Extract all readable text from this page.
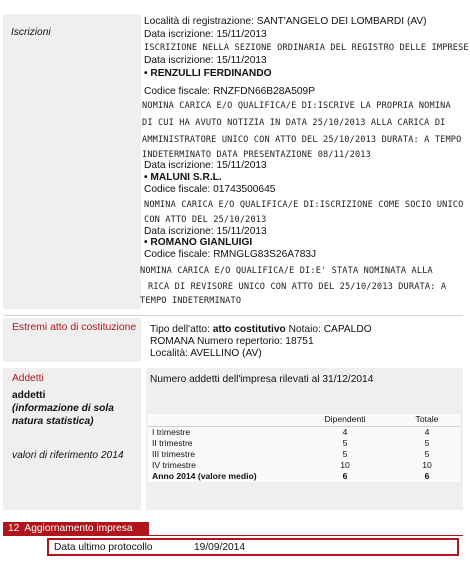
Iscrizioni
Località di registrazione: SANT'ANGELO DEI LOMBARDI (AV)
Data iscrizione: 15/11/2013
ISCRIZIONE NELLA SEZIONE ORDINARIA DEL REGISTRO DELLE IMPRESE
Data iscrizione: 15/11/2013
• RENZULLI FERDINANDO
Codice fiscale: RNZFDN66B28A509P
NOMINA CARICA E/O QUALIFICA/E DI:ISCRIVE LA PROPRIA NOMINA
DI CUI HA AVUTO NOTIZIA IN DATA 25/10/2013 ALLA CARICA DI
AMMINISTRATORE UNICO CON ATTO DEL 25/10/2013 DURATA: A TEMPO
INDETERMINATO DATA PRESENTAZIONE 08/11/2013
Data iscrizione: 15/11/2013
• MALUNI S.R.L.
Codice fiscale: 01743500645
NOMINA CARICA E/O QUALIFICA/E DI:ISCRIZIONE COME SOCIO UNICO
CON ATTO DEL 25/10/2013
Data iscrizione: 15/11/2013
• ROMANO GIANLUIGI
Codice fiscale: RMNGLG83S26A783J
NOMINA CARICA E/O QUALIFICA/E DI:E' STATA NOMINATA ALLA
RICA DI REVISORE UNICO CON ATTO DEL 25/10/2013 DURATA: A
TEMPO INDETERMINATO
Estremi atto di costituzione Tipo dell'atto: atto costitutivo Notaio: CAPALDO
ROMANA Numero repertorio: 18751
Località: AVELLINO (AV)
Addetti
addetti
(informazione di sola
natura statistica)
valori di riferimento 2014
Numero addetti dell'impresa rilevati al 31/12/2014
	Dipendenti	Totale

I trimestre	4	4
II trimestre	5	5
III trimestre	5	5
IV trimestre	10	10
Anno 2014 (valore medio)	6	6
12  Aggiornamento impresa
Data ultimo protocollo	19/09/2014
